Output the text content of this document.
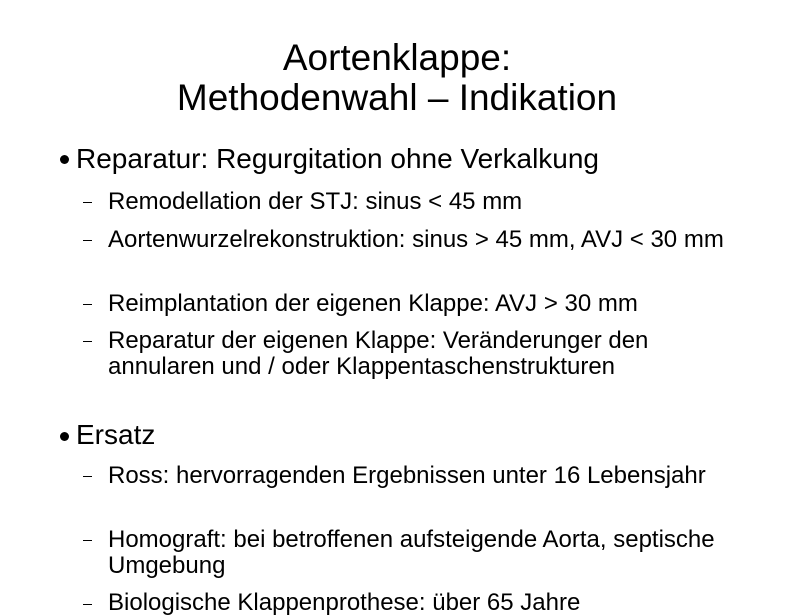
Aortenklappe:
Methodenwahl – Indikation
Reparatur: Regurgitation ohne Verkalkung
Remodellation der STJ: sinus < 45 mm
Aortenwurzelrekonstruktion: sinus > 45 mm, AVJ < 30 mm
Reimplantation der eigenen Klappe: AVJ > 30 mm
Reparatur der eigenen Klappe: Veränderunger den annularen und / oder Klappentaschenstrukturen
Ersatz
Ross: hervorragenden Ergebnissen unter 16 Lebensjahr
Homograft: bei betroffenen aufsteigende Aorta, septische Umgebung
Biologische Klappenprothese: über 65 Jahre
